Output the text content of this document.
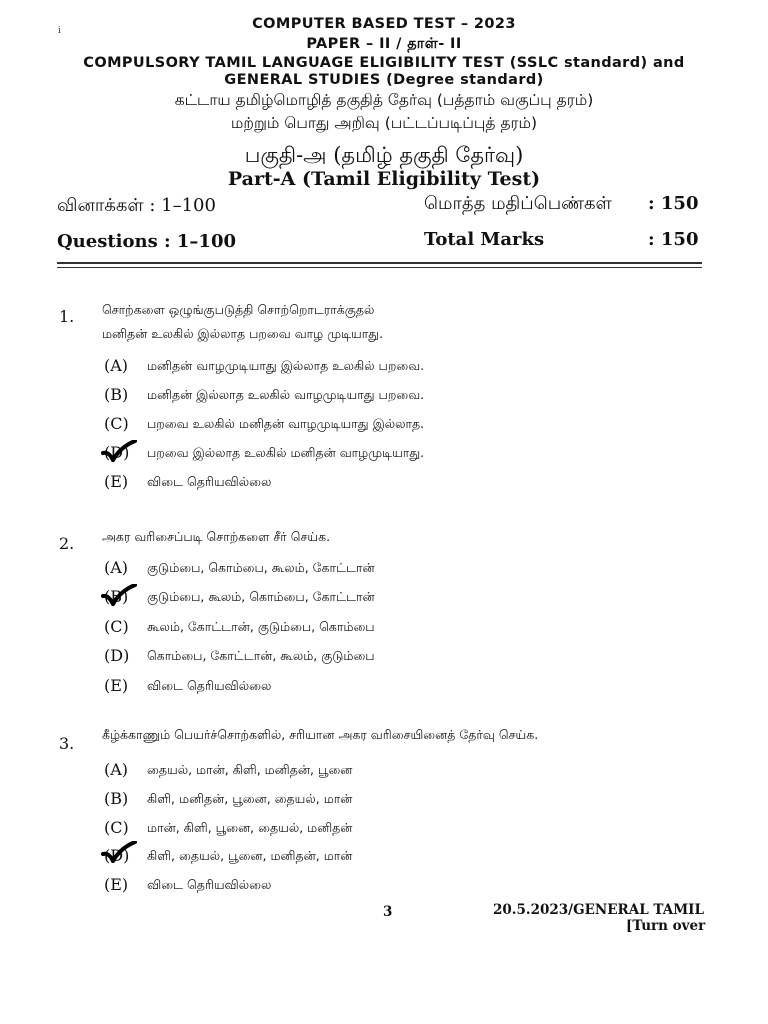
i	COMPUTER BASED TEST – 2023
PAPER – II / தாள்- II
COMPULSORY TAMIL LANGUAGE ELIGIBILITY TEST (SSLC standard) and
GENERAL STUDIES (Degree standard)
கட்டாய தமிழ்மொழித் தகுதித் தேர்வு (பத்தாம் வகுப்பு தரம்)
மற்றும் பொது அறிவு (பட்டப்படிப்புத் தரம்)
பகுதி-அ (தமிழ் தகுதி தேர்வு)
Part-A (Tamil Eligibility Test)
வினாக்கள் : 1–100	மொத்த மதிப்பெண்கள் : 150
Questions : 1–100	Total Marks	: 150
1. சொற்களை ஒழுங்குபடுத்தி சொற்றொடராக்குதல்
மனிதன் உலகில் இல்லாத பறவை வாழ முடியாது.
(A) மனிதன் வாழமுடியாது இல்லாத உலகில் பறவை.
(B) மனிதன் இல்லாத உலகில் வாழமுடியாது பறவை.
(C) பறவை உலகில் மனிதன் வாழமுடியாது இல்லாத.
(D) பறவை இல்லாத உலகில் மனிதன் வாழமுடியாது.
(E) விடை தெரியவில்லை
2. அகர வரிசைப்படி சொற்களை சீர் செய்க.
(A) குடும்பை, கொம்பை, கூலம், கோட்டான்
(B) குடும்பை, கூலம், கொம்பை, கோட்டான்
(C) கூலம், கோட்டான், குடும்பை, கொம்பை
(D) கொம்பை, கோட்டான், கூலம், குடும்பை
(E) விடை தெரியவில்லை
3. கீழ்க்காணும் பெயர்ச்சொற்களில், சரியான அகர வரிசையினைத் தேர்வு செய்க.
(A) தையல், மான், கிளி, மனிதன், பூனை
(B) கிளி, மனிதன், பூனை, தையல், மான்
(C) மான், கிளி, பூனை, தையல், மனிதன்
(D) கிளி, தையல், பூனை, மனிதன், மான்
(E) விடை தெரியவில்லை
3	20.5.2023/GENERAL TAMIL
[Turn over
